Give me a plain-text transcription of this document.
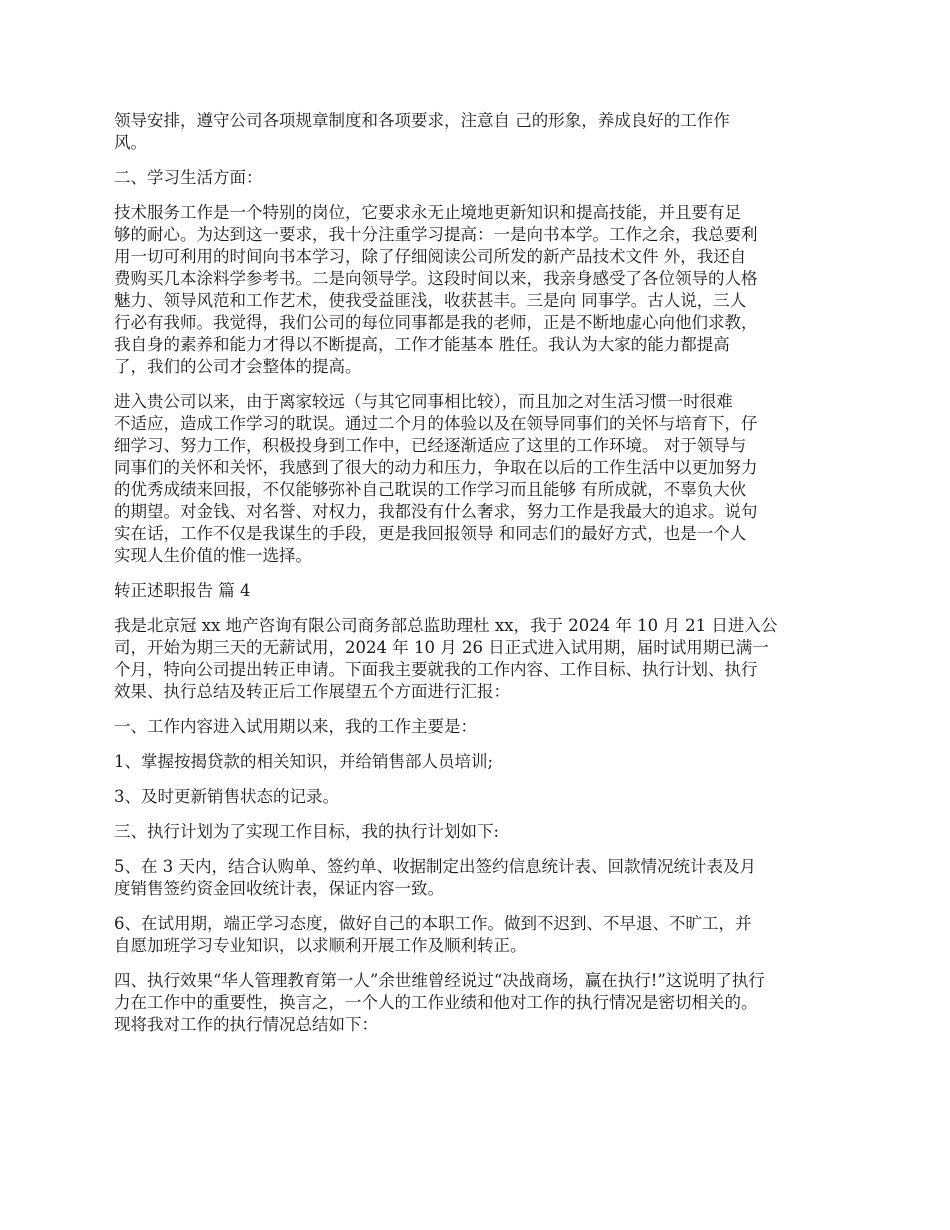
领导安排，遵守公司各项规章制度和各项要求，注意自 己的形象，养成良好的工作作
风。

二、学习生活方面：

技术服务工作是一个特别的岗位，它要求永无止境地更新知识和提高技能，并且要有足
够的耐心。为达到这一要求，我十分注重学习提高：一是向书本学。工作之余，我总要利
用一切可利用的时间向书本学习，除了仔细阅读公司所发的新产品技术文件 外，我还自
费购买几本涂料学参考书。二是向领导学。这段时间以来，我亲身感受了各位领导的人格
魅力、领导风范和工作艺术，使我受益匪浅，收获甚丰。三是向 同事学。古人说，三人
行必有我师。我觉得，我们公司的每位同事都是我的老师，正是不断地虚心向他们求教，
我自身的素养和能力才得以不断提高，工作才能基本 胜任。我认为大家的能力都提高
了，我们的公司才会整体的提高。

进入贵公司以来，由于离家较远（与其它同事相比较），而且加之对生活习惯一时很难
不适应，造成工作学习的耽误。通过二个月的体验以及在领导同事们的关怀与培育下，仔
细学习、努力工作，积极投身到工作中，已经逐渐适应了这里的工作环境。 对于领导与
同事们的关怀和关怀，我感到了很大的动力和压力，争取在以后的工作生活中以更加努力
的优秀成绩来回报，不仅能够弥补自己耽误的工作学习而且能够 有所成就，不辜负大伙
的期望。对金钱、对名誉、对权力，我都没有什么奢求，努力工作是我最大的追求。说句
实在话，工作不仅是我谋生的手段，更是我回报领导 和同志们的最好方式，也是一个人
实现人生价值的惟一选择。

转正述职报告 篇 4

我是北京冠 xx 地产咨询有限公司商务部总监助理杜 xx，我于 2024 年 10 月 21 日进入公
司，开始为期三天的无薪试用，2024 年 10 月 26 日正式进入试用期，届时试用期已满一
个月，特向公司提出转正申请。下面我主要就我的工作内容、工作目标、执行计划、执行
效果、执行总结及转正后工作展望五个方面进行汇报：

一、工作内容进入试用期以来，我的工作主要是：

1、掌握按揭贷款的相关知识，并给销售部人员培训;

3、及时更新销售状态的记录。

三、执行计划为了实现工作目标，我的执行计划如下:

5、在 3 天内，结合认购单、签约单、收据制定出签约信息统计表、回款情况统计表及月
度销售签约资金回收统计表，保证内容一致。

6、在试用期，端正学习态度，做好自己的本职工作。做到不迟到、不早退、不旷工，并
自愿加班学习专业知识，以求顺利开展工作及顺利转正。

四、执行效果“华人管理教育第一人”余世维曾经说过“决战商场，赢在执行!”这说明了执行
力在工作中的重要性，换言之，一个人的工作业绩和他对工作的执行情况是密切相关的。
现将我对工作的执行情况总结如下：
